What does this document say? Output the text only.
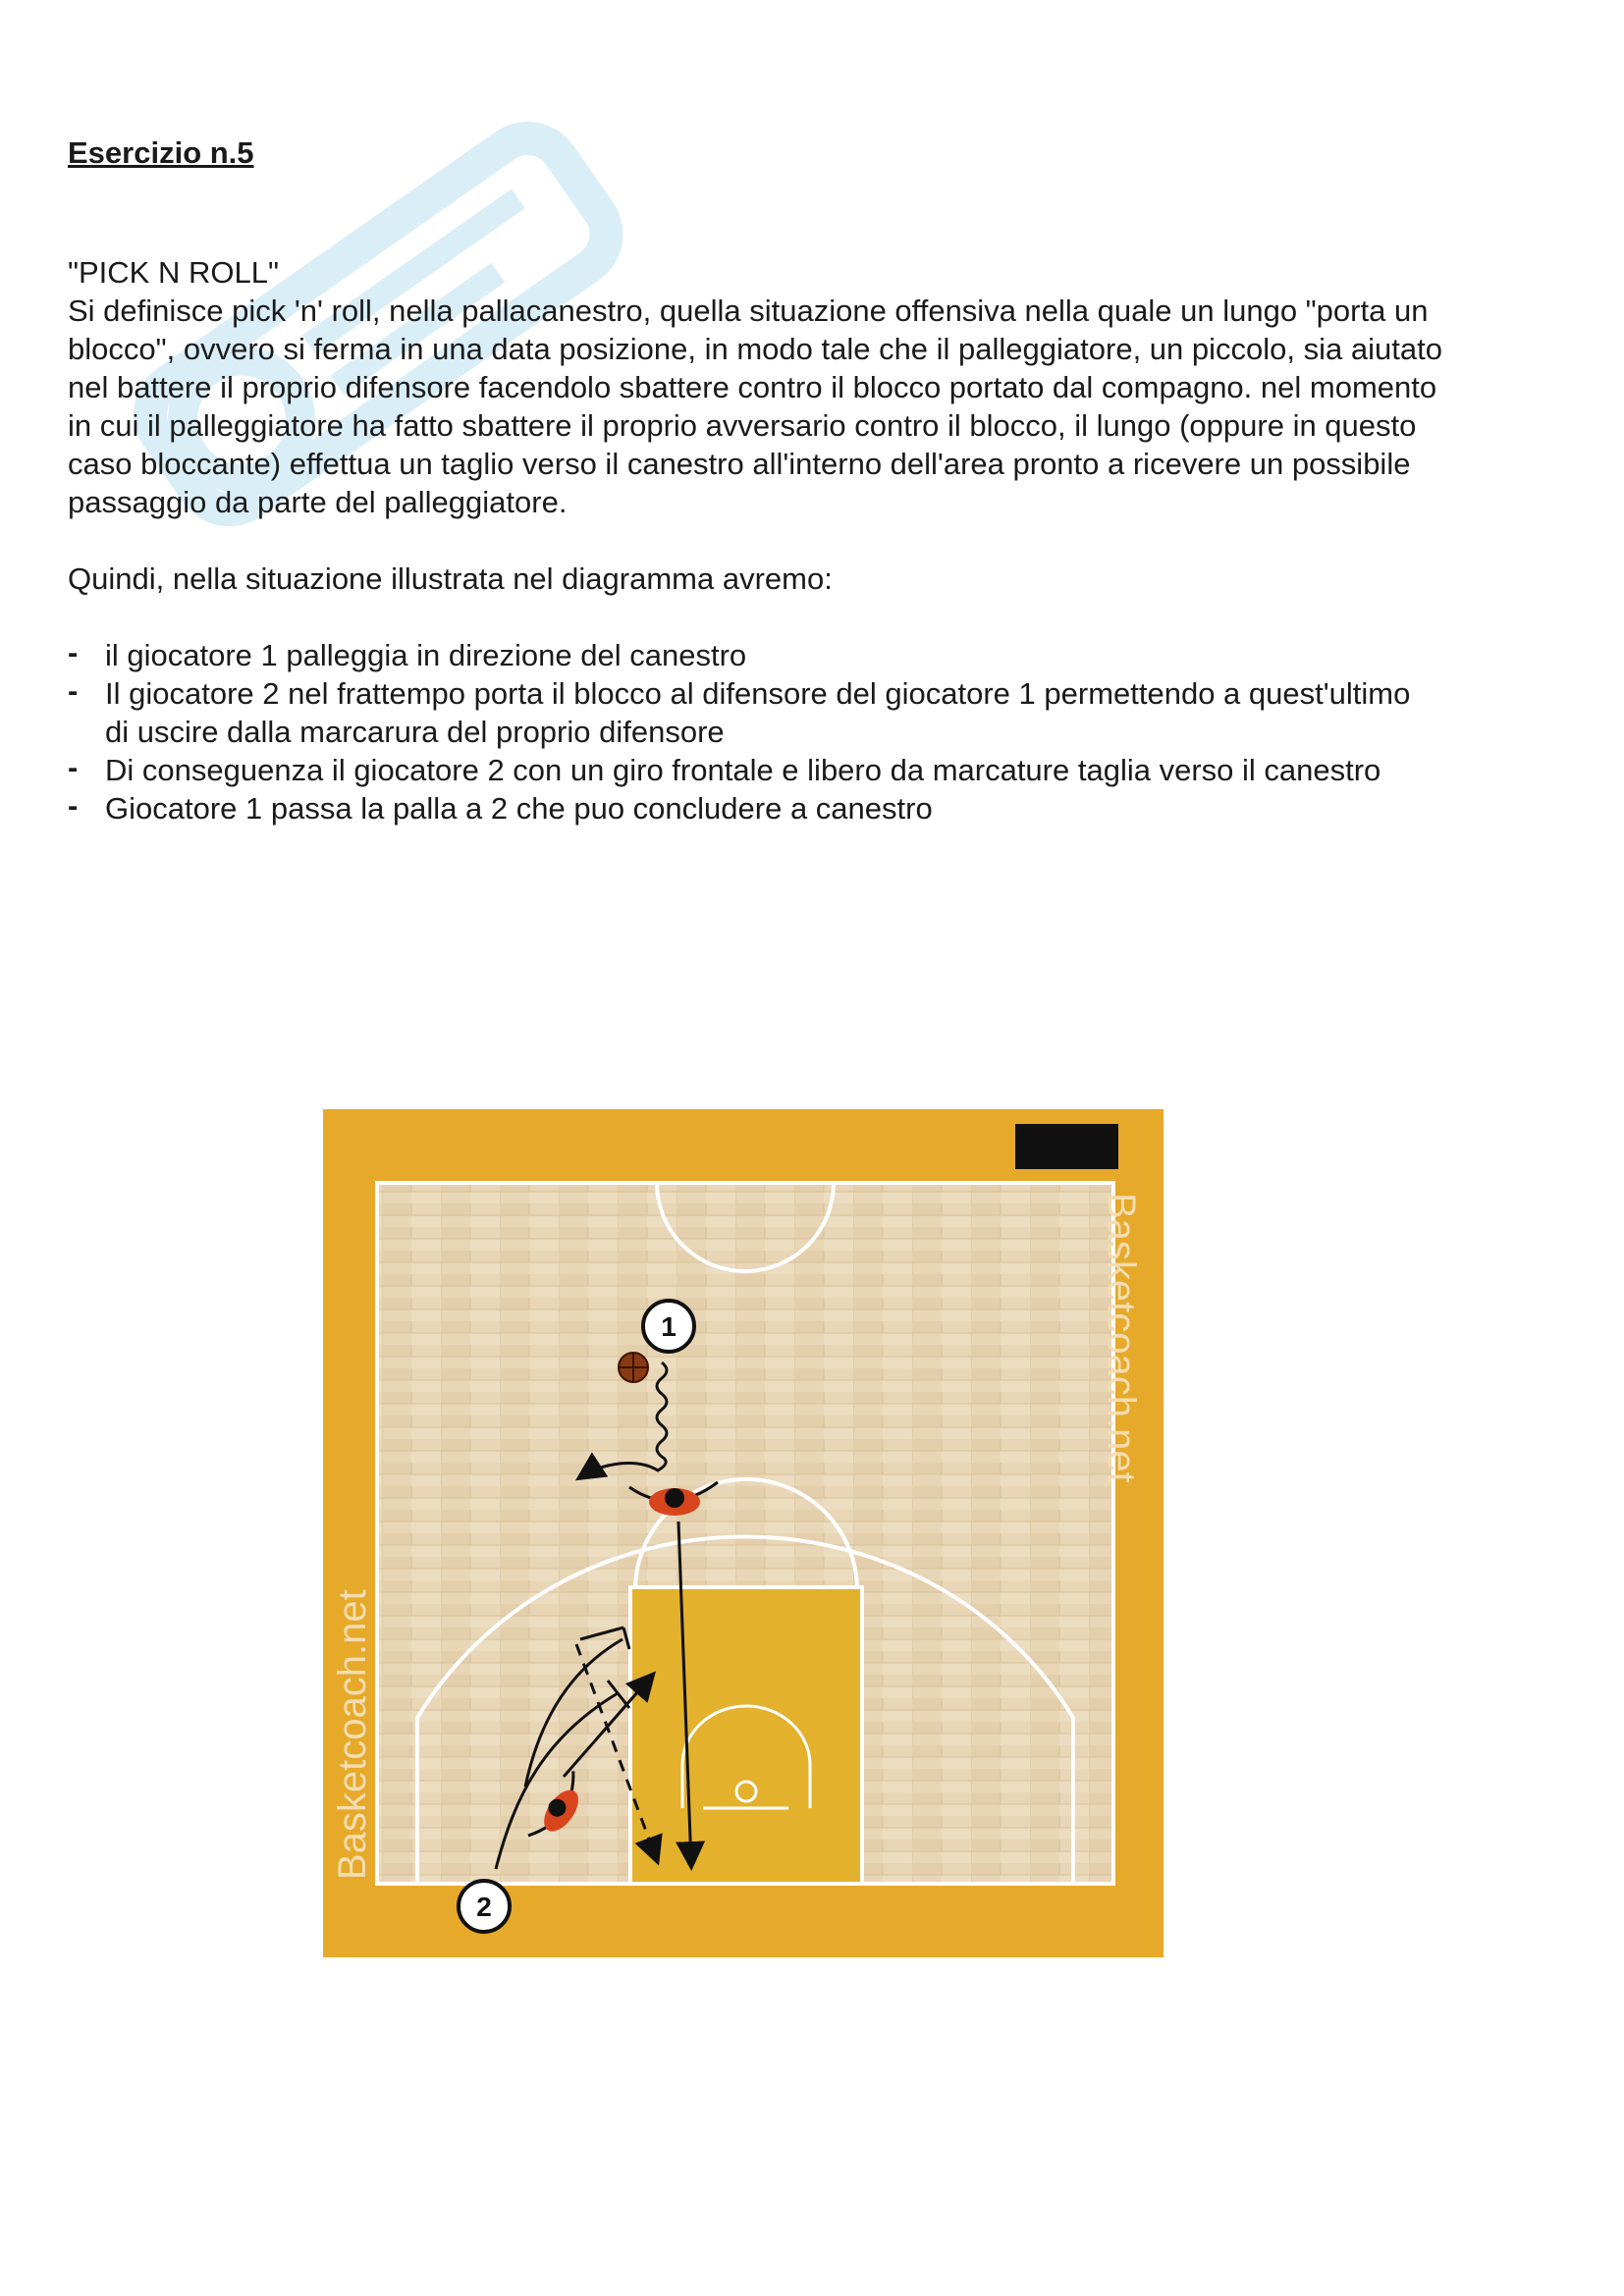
Esercizio n.5

"PICK N ROLL"

Si definisce pick 'n' roll, nella pallacanestro, quella situazione offensiva nella quale un lungo "porta un blocco", ovvero si ferma in una data posizione, in modo tale che il palleggiatore, un piccolo, sia aiutato nel battere il proprio difensore facendolo sbattere contro il blocco portato dal compagno. nel momento in cui il palleggiatore ha fatto sbattere il proprio avversario contro il blocco, il lungo (oppure in questo caso bloccante) effettua un taglio verso il canestro all'interno dell'area pronto a ricevere un possibile passaggio da parte del palleggiatore.

Quindi, nella situazione illustrata nel diagramma avremo:

- il giocatore 1 palleggia in direzione del canestro
- Il giocatore 2 nel frattempo porta il blocco al difensore del giocatore 1 permettendo a quest'ultimo di uscire dalla marcarura del proprio difensore
- Di conseguenza il giocatore 2 con un giro frontale e libero da marcature taglia verso il canestro
- Giocatore 1 passa la palla a 2 che puo concludere a canestro
1
2
Basketcoach.net
Basketcoach.net
